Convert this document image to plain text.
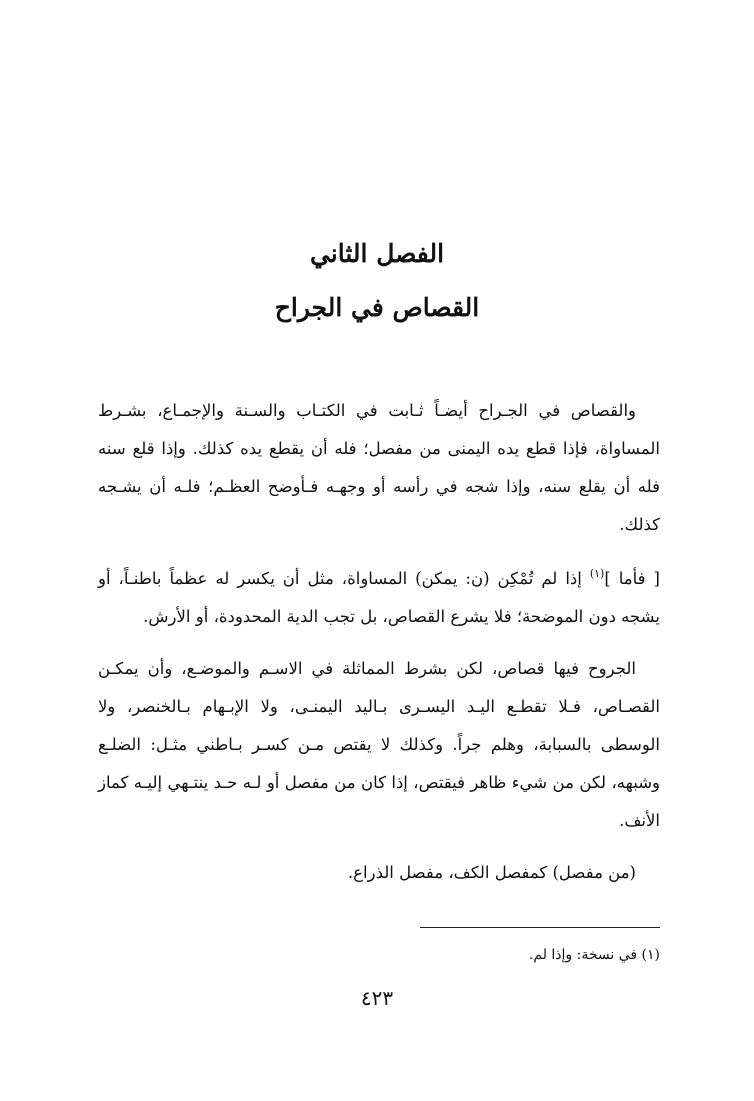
الفصل الثاني
القصاص في الجراح

والقصاص في الجـراح أيضـاً ثـابت في الكتـاب والسـنة والإجمـاع، بشـرط المساواة، فإذا قطع يده اليمنى من مفصل؛ فله أن يقطع يده كذلك. وإذا قلع سنه فله أن يقلع سنه، وإذا شجه في رأسه أو وجهـه فـأوضح العظـم؛ فلـه أن يشـجه كذلك.

[ فأما ]$^{(١)}$ إذا لم تُمْكِن (ن: يمكن) المساواة، مثل أن يكسر له عظماً باطنـاً، أو يشجه دون الموضحة؛ فلا يشرع القصاص، بل تجب الدية المحدودة، أو الأرش.

الجروح فيها قصاص، لكن بشرط المماثلة في الاسـم والموضـع، وأن يمكـن القصـاص، فـلا تقطـع اليـد اليسـرى بـاليد اليمنـى، ولا الإبـهام بـالخنصر، ولا الوسطى بالسبابة، وهلم جراً. وكذلك لا يقتص مـن كسـر بـاطني مثـل: الضلـع وشبهه، لكن من شيء ظاهر فيقتص، إذا كان من مفصل أو لـه حـد ينتـهي إليـه كماز الأنف.

(من مفصل) كمفصل الكف، مفصل الذراع.

(١) في نسخة: وإذا لم.
٤٢٣
